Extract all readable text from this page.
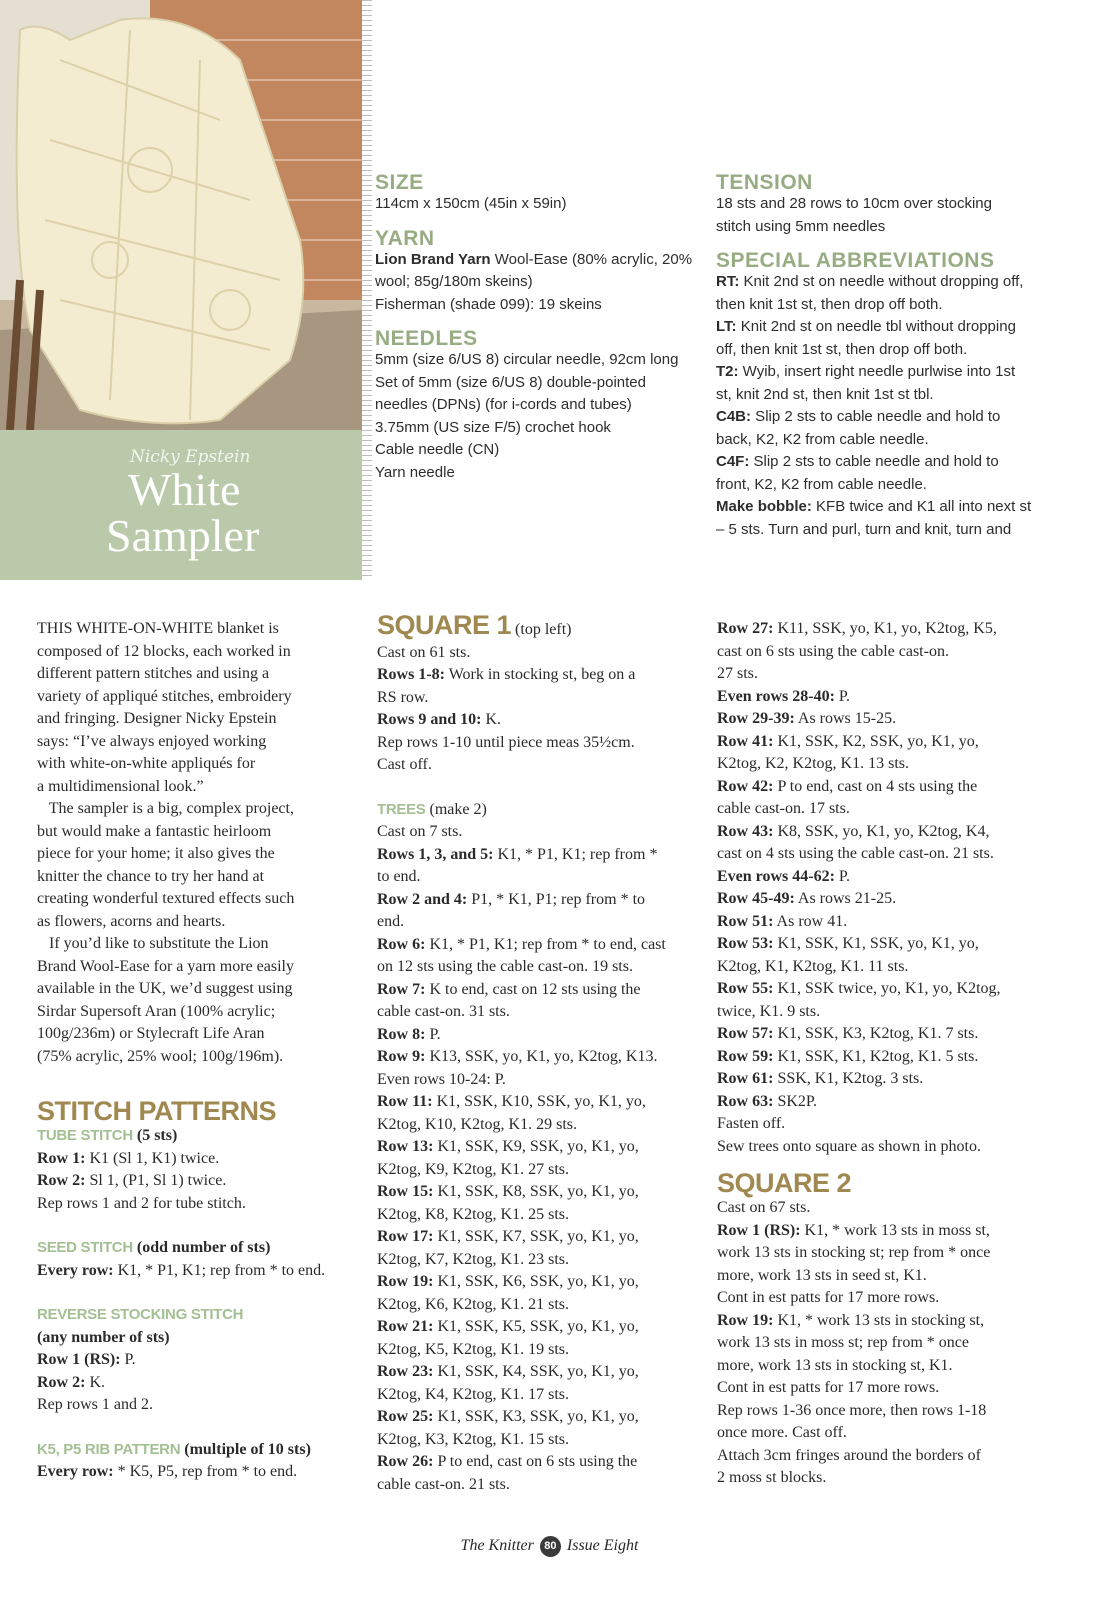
Nicky Epstein
White
Sampler
SIZE
114cm x 150cm (45in x 59in)
YARN
Lion Brand Yarn Wool-Ease (80% acrylic, 20%
wool; 85g/180m skeins)
Fisherman (shade 099): 19 skeins
NEEDLES
5mm (size 6/US 8) circular needle, 92cm long
Set of 5mm (size 6/US 8) double-pointed
needles (DPNs) (for i-cords and tubes)
3.75mm (US size F/5) crochet hook
Cable needle (CN)
Yarn needle
TENSION
18 sts and 28 rows to 10cm over stocking
stitch using 5mm needles
SPECIAL ABBREVIATIONS
RT: Knit 2nd st on needle without dropping off,
then knit 1st st, then drop off both.
LT: Knit 2nd st on needle tbl without dropping
off, then knit 1st st, then drop off both.
T2: Wyib, insert right needle purlwise into 1st
st, knit 2nd st, then knit 1st st tbl.
C4B: Slip 2 sts to cable needle and hold to
back, K2, K2 from cable needle.
C4F: Slip 2 sts to cable needle and hold to
front, K2, K2 from cable needle.
Make bobble: KFB twice and K1 all into next st
– 5 sts. Turn and purl, turn and knit, turn and
THIS WHITE-ON-WHITE blanket is
composed of 12 blocks, each worked in
different pattern stitches and using a
variety of appliqué stitches, embroidery
and fringing. Designer Nicky Epstein
says: “I’ve always enjoyed working
with white-on-white appliqués for
a multidimensional look.”
The sampler is a big, complex project,
but would make a fantastic heirloom
piece for your home; it also gives the
knitter the chance to try her hand at
creating wonderful textured effects such
as flowers, acorns and hearts.
If you’d like to substitute the Lion
Brand Wool-Ease for a yarn more easily
available in the UK, we’d suggest using
Sirdar Supersoft Aran (100% acrylic;
100g/236m) or Stylecraft Life Aran
(75% acrylic, 25% wool; 100g/196m).
STITCH PATTERNS
TUBE STITCH (5 sts)
Row 1: K1 (Sl 1, K1) twice.
Row 2: Sl 1, (P1, Sl 1) twice.
Rep rows 1 and 2 for tube stitch.
SEED STITCH (odd number of sts)
Every row: K1, * P1, K1; rep from * to end.
REVERSE STOCKING STITCH
(any number of sts)
Row 1 (RS): P.
Row 2: K.
Rep rows 1 and 2.
K5, P5 RIB PATTERN (multiple of 10 sts)
Every row: * K5, P5, rep from * to end.
SQUARE 1 (top left)
Cast on 61 sts.
Rows 1-8: Work in stocking st, beg on a
RS row.
Rows 9 and 10: K.
Rep rows 1-10 until piece meas 35½cm.
Cast off.
TREES (make 2)
Cast on 7 sts.
Rows 1, 3, and 5: K1, * P1, K1; rep from *
to end.
Row 2 and 4: P1, * K1, P1; rep from * to
end.
Row 6: K1, * P1, K1; rep from * to end, cast
on 12 sts using the cable cast-on. 19 sts.
Row 7: K to end, cast on 12 sts using the
cable cast-on. 31 sts.
Row 8: P.
Row 9: K13, SSK, yo, K1, yo, K2tog, K13.
Even rows 10-24: P.
Row 11: K1, SSK, K10, SSK, yo, K1, yo,
K2tog, K10, K2tog, K1. 29 sts.
Row 13: K1, SSK, K9, SSK, yo, K1, yo,
K2tog, K9, K2tog, K1. 27 sts.
Row 15: K1, SSK, K8, SSK, yo, K1, yo,
K2tog, K8, K2tog, K1. 25 sts.
Row 17: K1, SSK, K7, SSK, yo, K1, yo,
K2tog, K7, K2tog, K1. 23 sts.
Row 19: K1, SSK, K6, SSK, yo, K1, yo,
K2tog, K6, K2tog, K1. 21 sts.
Row 21: K1, SSK, K5, SSK, yo, K1, yo,
K2tog, K5, K2tog, K1. 19 sts.
Row 23: K1, SSK, K4, SSK, yo, K1, yo,
K2tog, K4, K2tog, K1. 17 sts.
Row 25: K1, SSK, K3, SSK, yo, K1, yo,
K2tog, K3, K2tog, K1. 15 sts.
Row 26: P to end, cast on 6 sts using the
cable cast-on. 21 sts.
Row 27: K11, SSK, yo, K1, yo, K2tog, K5,
cast on 6 sts using the cable cast-on.
27 sts.
Even rows 28-40: P.
Row 29-39: As rows 15-25.
Row 41: K1, SSK, K2, SSK, yo, K1, yo,
K2tog, K2, K2tog, K1. 13 sts.
Row 42: P to end, cast on 4 sts using the
cable cast-on. 17 sts.
Row 43: K8, SSK, yo, K1, yo, K2tog, K4,
cast on 4 sts using the cable cast-on. 21 sts.
Even rows 44-62: P.
Row 45-49: As rows 21-25.
Row 51: As row 41.
Row 53: K1, SSK, K1, SSK, yo, K1, yo,
K2tog, K1, K2tog, K1. 11 sts.
Row 55: K1, SSK twice, yo, K1, yo, K2tog,
twice, K1. 9 sts.
Row 57: K1, SSK, K3, K2tog, K1. 7 sts.
Row 59: K1, SSK, K1, K2tog, K1. 5 sts.
Row 61: SSK, K1, K2tog. 3 sts.
Row 63: SK2P.
Fasten off.
Sew trees onto square as shown in photo.
SQUARE 2
Cast on 67 sts.
Row 1 (RS): K1, * work 13 sts in moss st,
work 13 sts in stocking st; rep from * once
more, work 13 sts in seed st, K1.
Cont in est patts for 17 more rows.
Row 19: K1, * work 13 sts in stocking st,
work 13 sts in moss st; rep from * once
more, work 13 sts in stocking st, K1.
Cont in est patts for 17 more rows.
Rep rows 1-36 once more, then rows 1-18
once more. Cast off.
Attach 3cm fringes around the borders of
2 moss st blocks.
The Knitter 80 Issue Eight
